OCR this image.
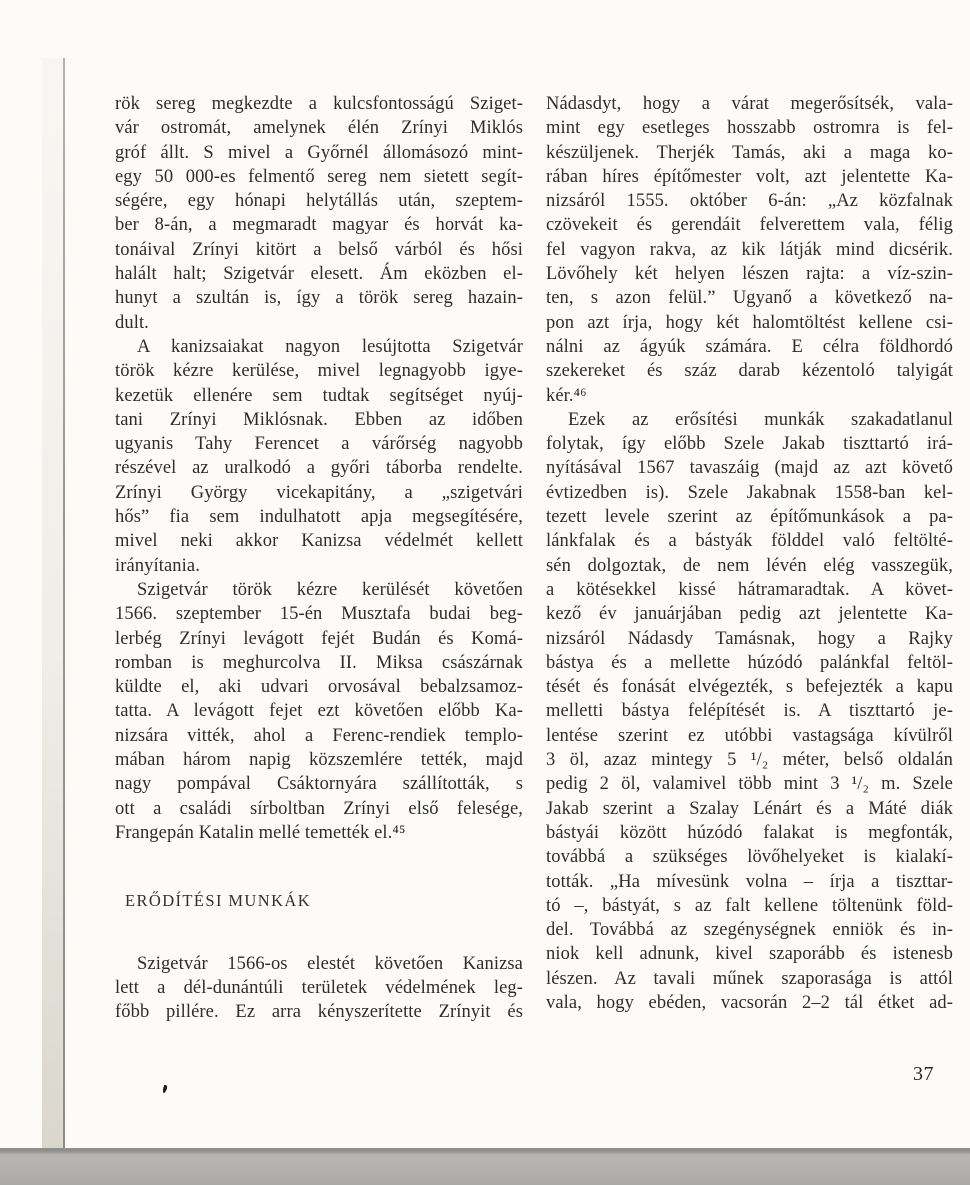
rök sereg megkezdte a kulcsfontosságú Sziget-
vár ostromát, amelynek élén Zrínyi Miklós
gróf állt. S mivel a Győrnél állomásozó mint-
egy 50 000-es felmentő sereg nem sietett segít-
ségére, egy hónapi helytállás után, szeptem-
ber 8-án, a megmaradt magyar és horvát ka-
tonáival Zrínyi kitört a belső várból és hősi
halált halt; Szigetvár elesett. Ám eközben el-
hunyt a szultán is, így a török sereg hazain-
dult.
A kanizsaiakat nagyon lesújtotta Szigetvár
török kézre kerülése, mivel legnagyobb igye-
kezetük ellenére sem tudtak segítséget nyúj-
tani Zrínyi Miklósnak. Ebben az időben
ugyanis Tahy Ferencet a várőrség nagyobb
részével az uralkodó a győri táborba rendelte.
Zrínyi György vicekapitány, a „szigetvári
hős” fia sem indulhatott apja megsegítésére,
mivel neki akkor Kanizsa védelmét kellett
irányítania.
Szigetvár török kézre kerülését követően
1566. szeptember 15-én Musztafa budai beg-
lerbég Zrínyi levágott fejét Budán és Komá-
romban is meghurcolva II. Miksa császárnak
küldte el, aki udvari orvosával bebalzsamoz-
tatta. A levágott fejet ezt követően előbb Ka-
nizsára vitték, ahol a Ferenc-rendiek templo-
mában három napig közszemlére tették, majd
nagy pompával Csáktornyára szállították, s
ott a családi sírboltban Zrínyi első felesége,
Frangepán Katalin mellé temették el.⁴⁵
ERŐDÍTÉSI MUNKÁK
Szigetvár 1566-os elestét követően Kanizsa
lett a dél-dunántúli területek védelmének leg-
főbb pillére. Ez arra kényszerítette Zrínyit és
Nádasdyt, hogy a várat megerősítsék, vala-
mint egy esetleges hosszabb ostromra is fel-
készüljenek. Therjék Tamás, aki a maga ko-
rában híres építőmester volt, azt jelentette Ka-
nizsáról 1555. október 6-án: „Az közfalnak
czövekeit és gerendáit felverettem vala, félig
fel vagyon rakva, az kik látják mind dicsérik.
Lövőhely két helyen lészen rajta: a víz-szin-
ten, s azon felül.” Ugyanő a következő na-
pon azt írja, hogy két halomtöltést kellene csi-
nálni az ágyúk számára. E célra földhordó
szekereket és száz darab kézentoló talyigát
kér.⁴⁶
Ezek az erősítési munkák szakadatlanul
folytak, így előbb Szele Jakab tiszttartó irá-
nyításával 1567 tavaszáig (majd az azt követő
évtizedben is). Szele Jakabnak 1558-ban kel-
tezett levele szerint az építőmunkások a pa-
lánkfalak és a bástyák földdel való feltölté-
sén dolgoztak, de nem lévén elég vasszegük,
a kötésekkel kissé hátramaradtak. A követ-
kező év januárjában pedig azt jelentette Ka-
nizsáról Nádasdy Tamásnak, hogy a Rajky
bástya és a mellette húzódó palánkfal feltöl-
tését és fonását elvégezték, s befejezték a kapu
melletti bástya felépítését is. A tiszttartó je-
lentése szerint ez utóbbi vastagsága kívülről
3 öl, azaz mintegy 5 ¹/₂ méter, belső oldalán
pedig 2 öl, valamivel több mint 3 ¹/₂ m. Szele
Jakab szerint a Szalay Lénárt és a Máté diák
bástyái között húzódó falakat is megfonták,
továbbá a szükséges lövőhelyeket is kialakí-
tották. „Ha mívesünk volna – írja a tiszttar-
tó –, bástyát, s az falt kellene töltenünk föld-
del. Továbbá az szegénységnek enniök és in-
niok kell adnunk, kivel szaporább és istenesb
lészen. Az tavali műnek szaporasága is attól
vala, hogy ebéden, vacsorán 2–2 tál étket ad-
37
